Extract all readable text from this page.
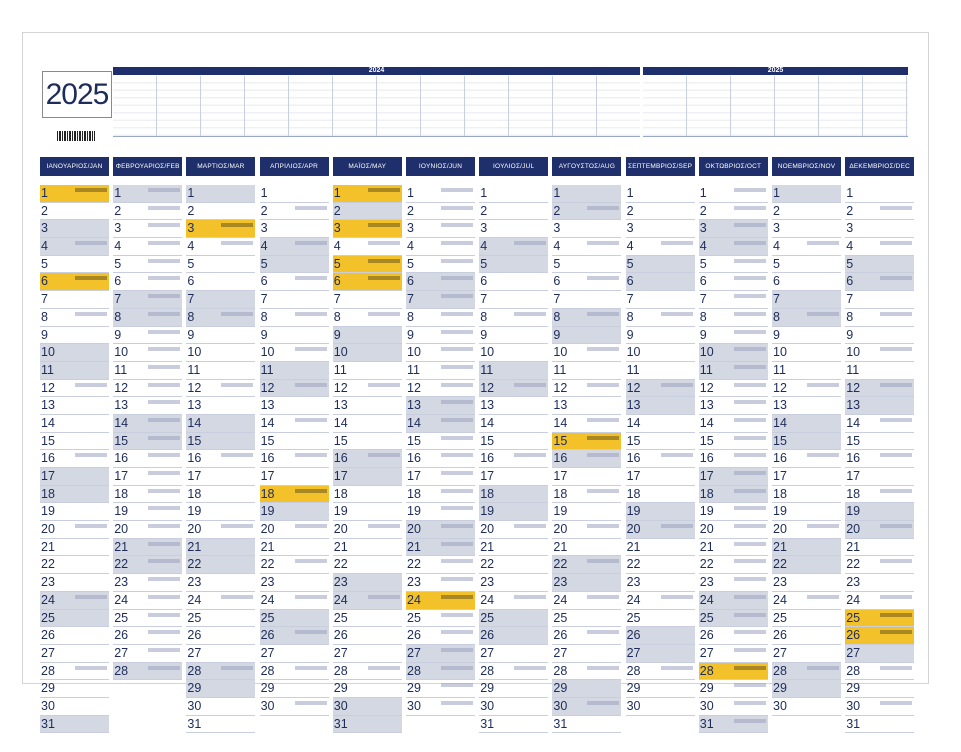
2025
2024	2025
ΙΑΝΟΥΑΡΙΟΣ/JAN
1
2
3
4
5
6
7
8
9
10
11
12
13
14
15
16
17
18
19
20
21
22
23
24
25
26
27
28
29
30
31
ΦΕΒΡΟΥΑΡΙΟΣ/FEB
1
2
3
4
5
6
7
8
9
10
11
12
13
14
15
16
17
18
19
20
21
22
23
24
25
26
27
28
ΜΑΡΤΙΟΣ/MAR
1
2
3
4
5
6
7
8
9
10
11
12
13
14
15
16
17
18
19
20
21
22
23
24
25
26
27
28
29
30
31
ΑΠΡΙΛΙΟΣ/APR
1
2
3
4
5
6
7
8
9
10
11
12
13
14
15
16
17
18
19
20
21
22
23
24
25
26
27
28
29
30
ΜΑΪΟΣ/MAY
1
2
3
4
5
6
7
8
9
10
11
12
13
14
15
16
17
18
19
20
21
22
23
24
25
26
27
28
29
30
31
ΙΟΥΝΙΟΣ/JUN
1
2
3
4
5
6
7
8
9
10
11
12
13
14
15
16
17
18
19
20
21
22
23
24
25
26
27
28
29
30
ΙΟΥΛΙΟΣ/JUL
1
2
3
4
5
6
7
8
9
10
11
12
13
14
15
16
17
18
19
20
21
22
23
24
25
26
27
28
29
30
31
ΑΥΓΟΥΣΤΟΣ/AUG
1
2
3
4
5
6
7
8
9
10
11
12
13
14
15
16
17
18
19
20
21
22
23
24
25
26
27
28
29
30
31
ΣΕΠΤΕΜΒΡΙΟΣ/SEP
1
2
3
4
5
6
7
8
9
10
11
12
13
14
15
16
17
18
19
20
21
22
23
24
25
26
27
28
29
30
ΟΚΤΩΒΡΙΟΣ/OCT
1
2
3
4
5
6
7
8
9
10
11
12
13
14
15
16
17
18
19
20
21
22
23
24
25
26
27
28
29
30
31
ΝΟΕΜΒΡΙΟΣ/NOV
1
2
3
4
5
6
7
8
9
10
11
12
13
14
15
16
17
18
19
20
21
22
23
24
25
26
27
28
29
30
ΔΕΚΕΜΒΡΙΟΣ/DEC
1
2
3
4
5
6
7
8
9
10
11
12
13
14
15
16
17
18
19
20
21
22
23
24
25
26
27
28
29
30
31
